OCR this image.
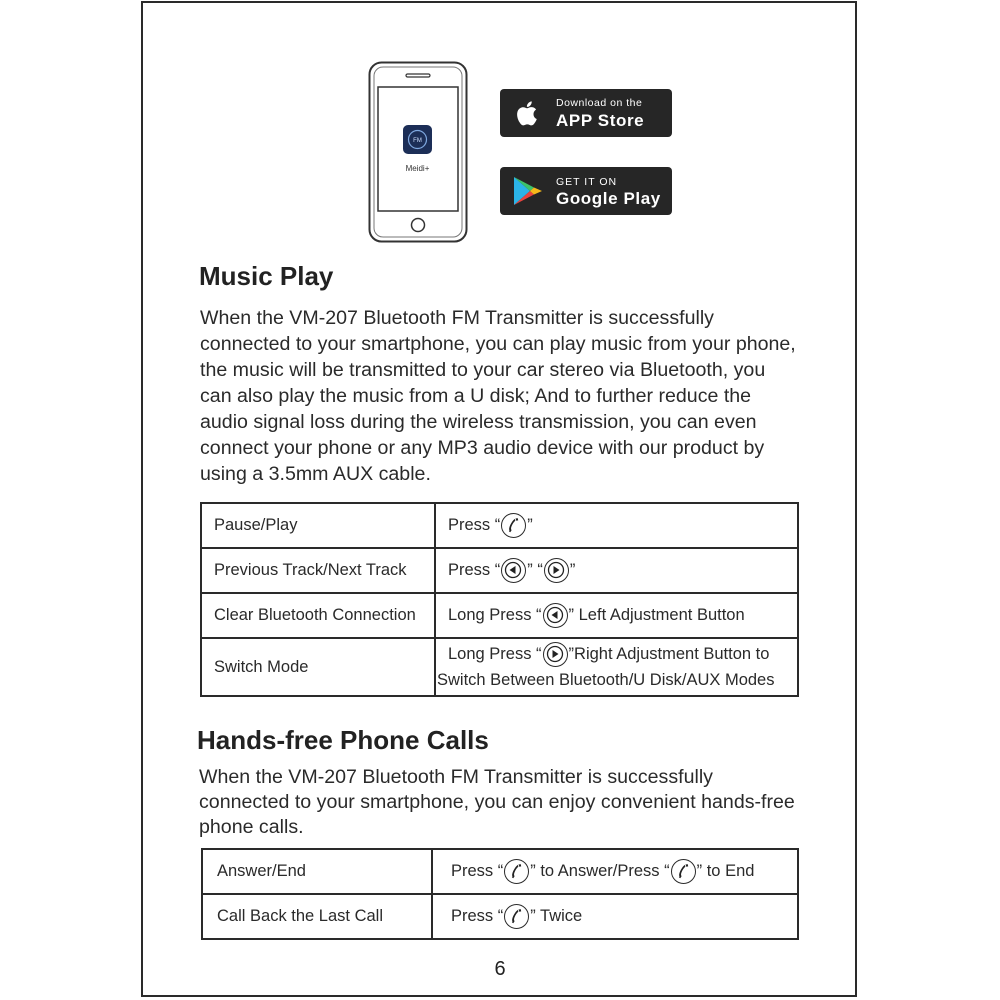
FM
Meidi+
Download on the
APP Store
GET IT ON
Google Play
Music Play

When the VM-207 Bluetooth FM Transmitter is successfully connected to your smartphone, you can play music from your phone, the music will be transmitted to your car stereo via Bluetooth, you can also play the music from a U disk; And to further reduce the audio signal loss during the wireless transmission, you can even connect your phone or any MP3 audio device with our product by using a 3.5mm AUX cable.

Pause/Play	Press “ ”
Previous Track/Next Track	Press “ ” “ ”
Clear Bluetooth Connection	Long Press “ ” Left Adjustment Button
Switch Mode	Long Press “ ”Right Adjustment Button to
Switch Between Bluetooth/U Disk/AUX Modes
Hands-free Phone Calls

When the VM-207 Bluetooth FM Transmitter is successfully connected to your smartphone, you can enjoy convenient hands-free phone calls.

Answer/End	Press “ ” to Answer/Press “ ” to End
Call Back the Last Call	Press “ ” Twice
6
